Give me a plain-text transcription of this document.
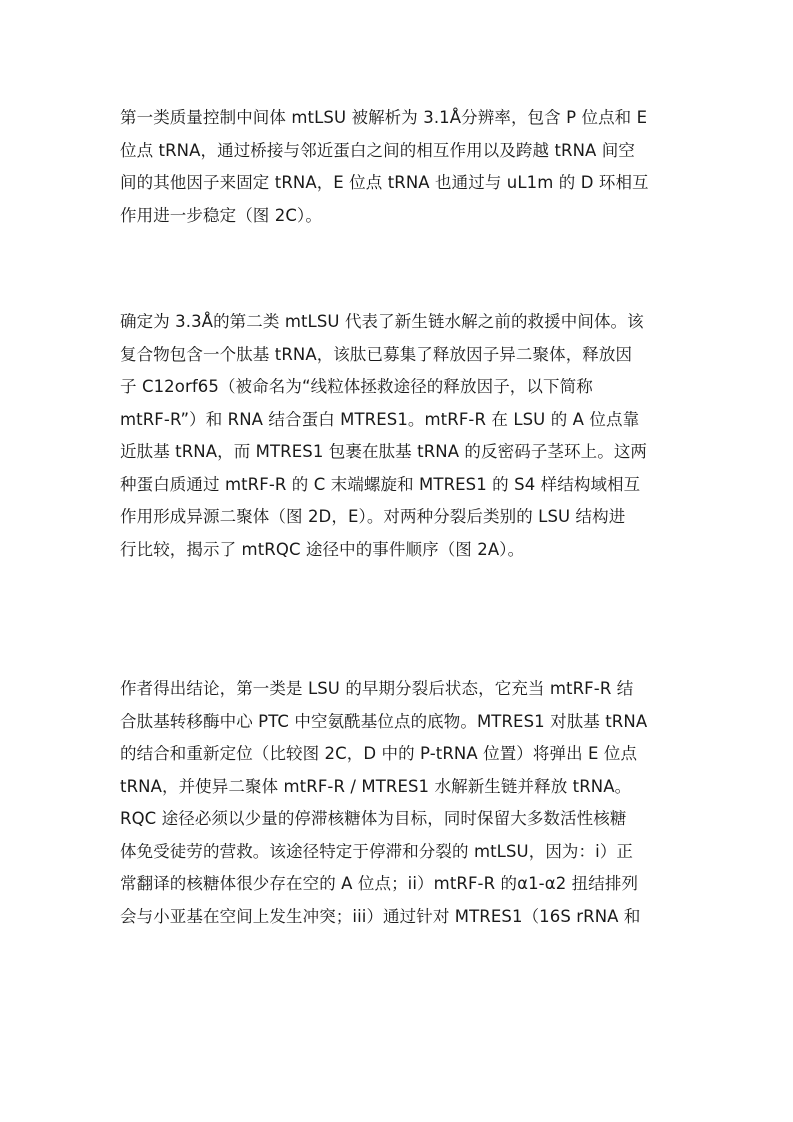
第一类质量控制中间体 mtLSU 被解析为 3.1Å分辨率，包含 P 位点和 E
位点 tRNA，通过桥接与邻近蛋白之间的相互作用以及跨越 tRNA 间空
间的其他因子来固定 tRNA，E 位点 tRNA 也通过与 uL1m 的 D 环相互
作用进一步稳定（图 2C）。

确定为 3.3Å的第二类 mtLSU 代表了新生链水解之前的救援中间体。该
复合物包含一个肽基 tRNA，该肽已募集了释放因子异二聚体，释放因
子 C12orf65（被命名为“线粒体拯救途径的释放因子，以下简称
mtRF-R”）和 RNA 结合蛋白 MTRES1。mtRF-R 在 LSU 的 A 位点靠
近肽基 tRNA，而 MTRES1 包裹在肽基 tRNA 的反密码子茎环上。这两
种蛋白质通过 mtRF-R 的 C 末端螺旋和 MTRES1 的 S4 样结构域相互
作用形成异源二聚体（图 2D，E）。对两种分裂后类别的 LSU 结构进
行比较，揭示了 mtRQC 途径中的事件顺序（图 2A）。

作者得出结论，第一类是 LSU 的早期分裂后状态，它充当 mtRF-R 结
合肽基转移酶中心 PTC 中空氨酰基位点的底物。MTRES1 对肽基 tRNA
的结合和重新定位（比较图 2C，D 中的 P-tRNA 位置）将弹出 E 位点
tRNA，并使异二聚体 mtRF-R / MTRES1 水解新生链并释放 tRNA。
RQC 途径必须以少量的停滞核糖体为目标，同时保留大多数活性核糖
体免受徒劳的营救。该途径特定于停滞和分裂的 mtLSU，因为：i）正
常翻译的核糖体很少存在空的 A 位点；ii）mtRF-R 的α1-α2 扭结排列
会与小亚基在空间上发生冲突；iii）通过针对 MTRES1（16S rRNA 和
